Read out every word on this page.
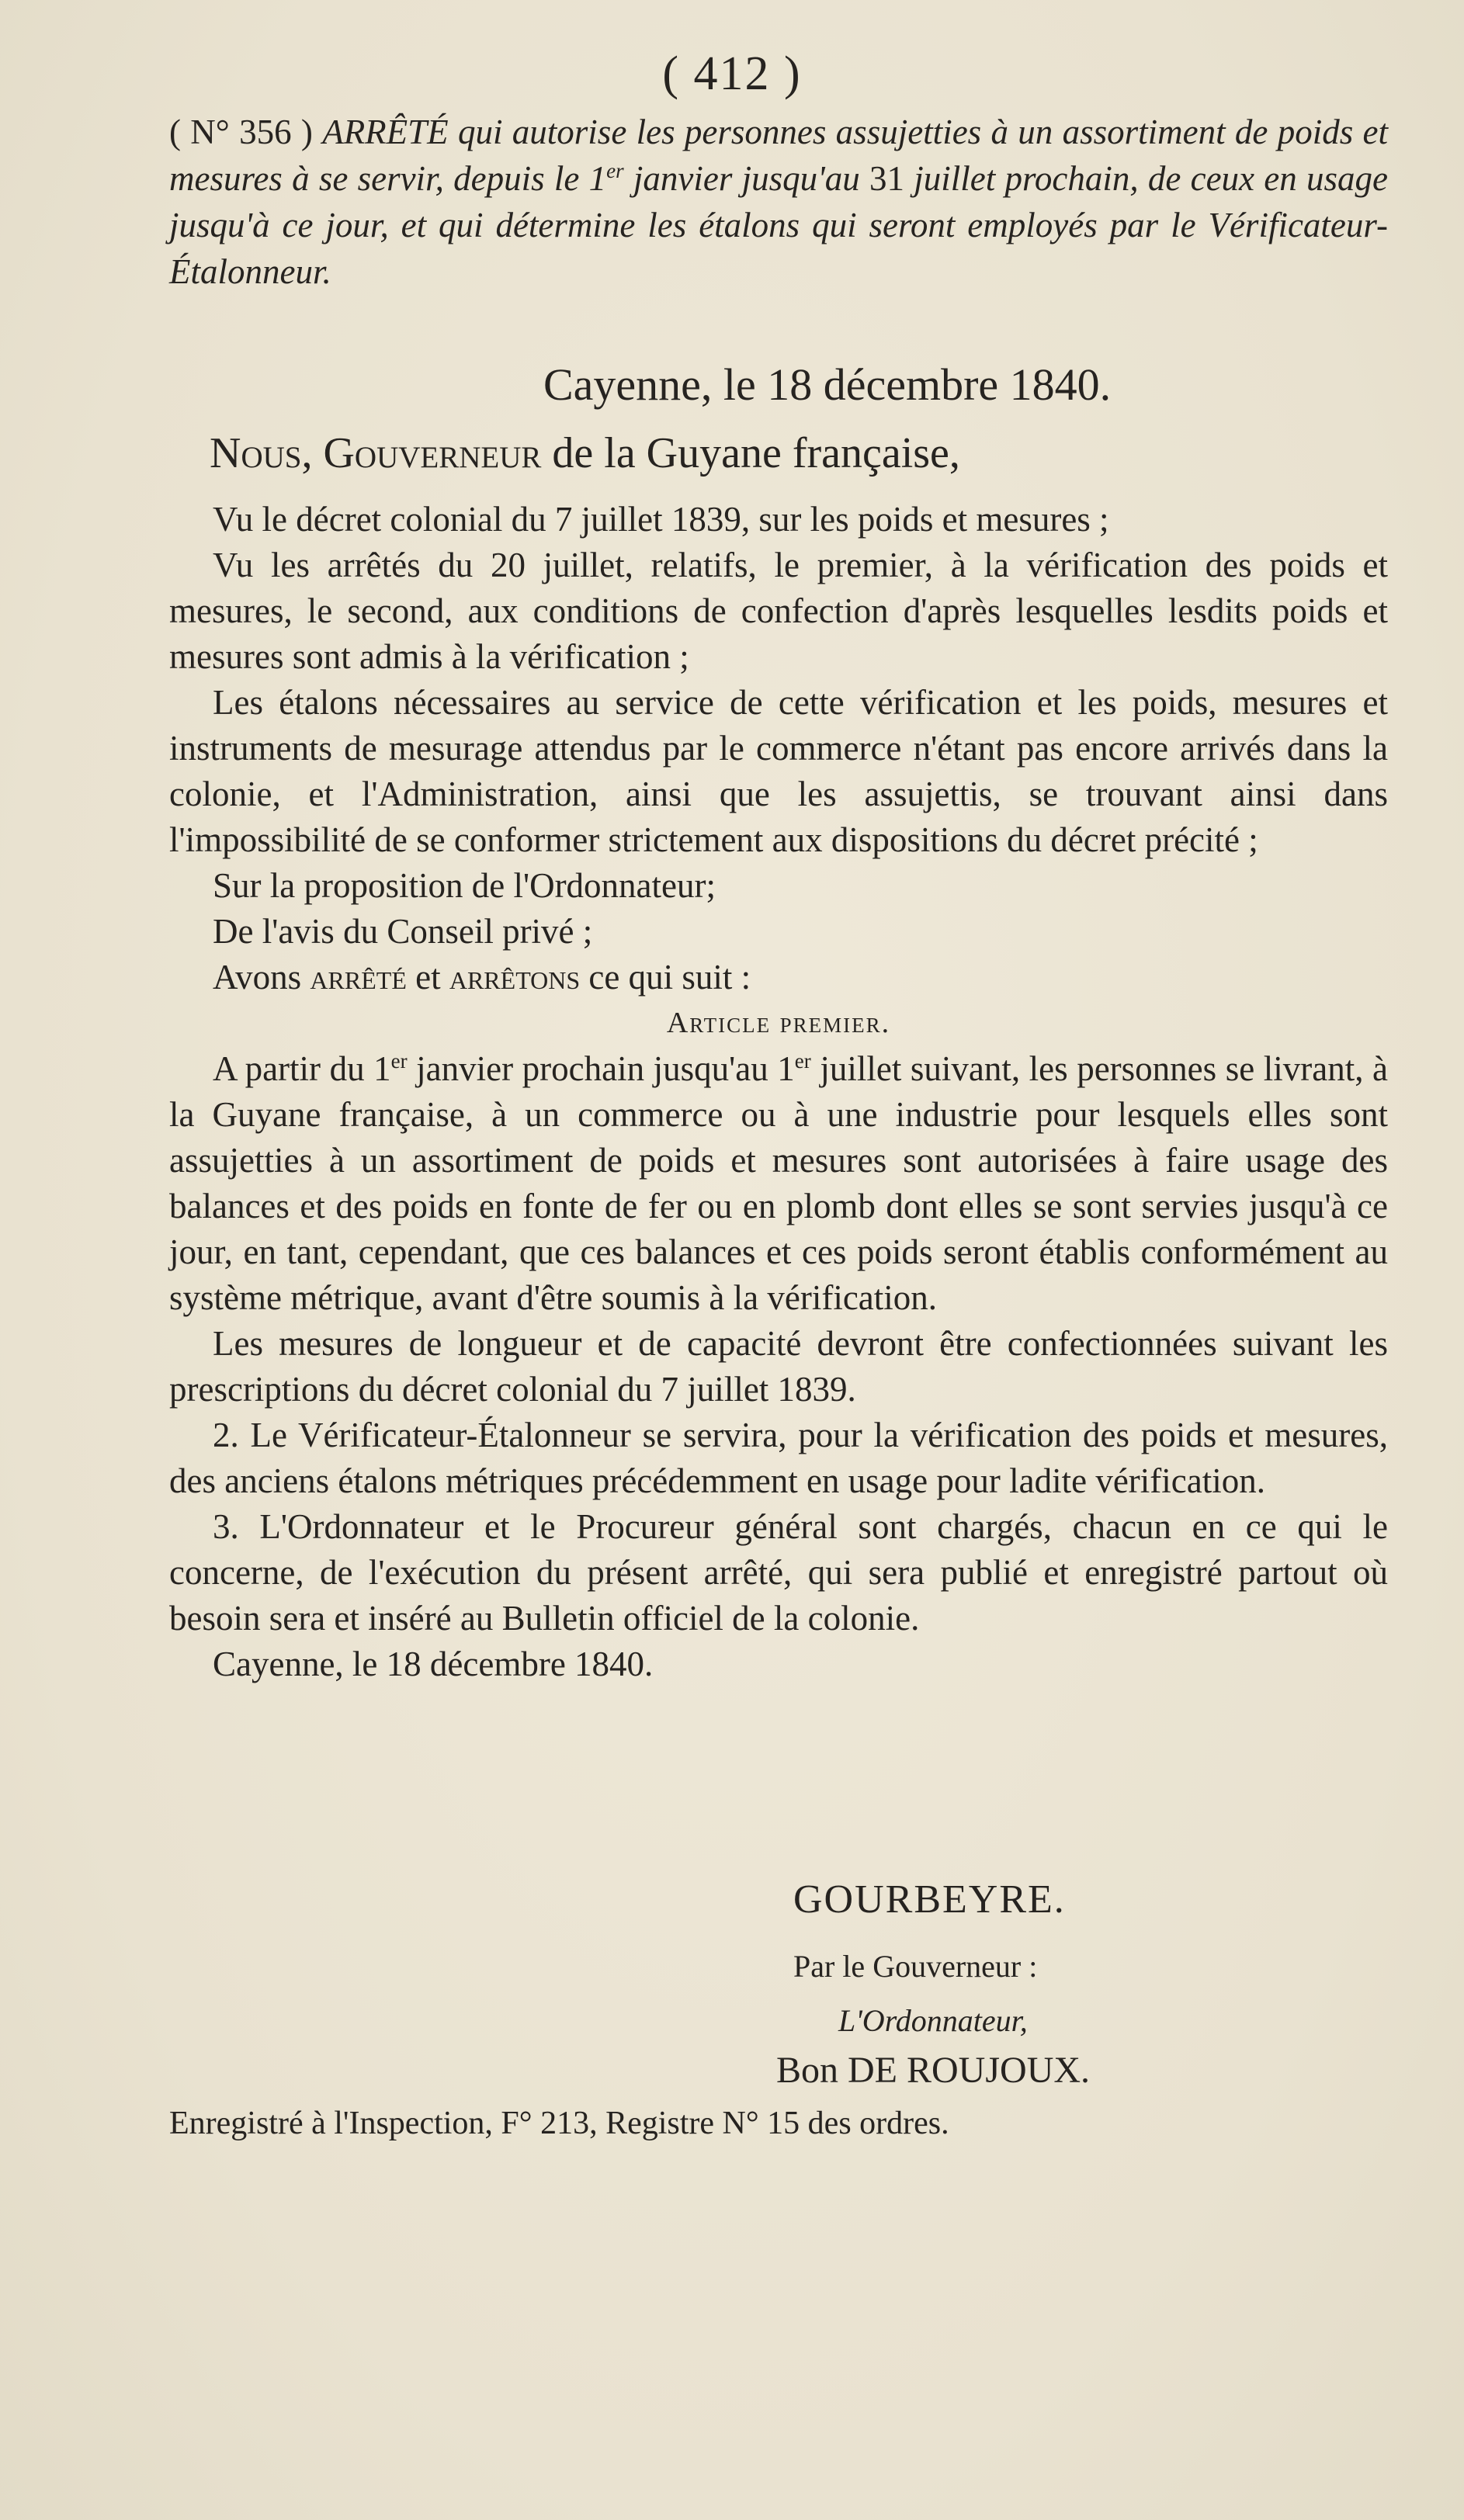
( 412 )
( N° 356 ) ARRÊTÉ qui autorise les personnes assujetties à un assortiment de poids et mesures à se servir, depuis le 1er janvier jusqu'au 31 juillet prochain, de ceux en usage jusqu'à ce jour, et qui détermine les étalons qui seront employés par le Vérificateur-Étalonneur.
Cayenne, le 18 décembre 1840.
Nous, Gouverneur de la Guyane française,

Vu le décret colonial du 7 juillet 1839, sur les poids et mesures ;

Vu les arrêtés du 20 juillet, relatifs, le premier, à la vérification des poids et mesures, le second, aux conditions de confection d'après lesquelles lesdits poids et mesures sont admis à la vérification ;

Les étalons nécessaires au service de cette vérification et les poids, mesures et instruments de mesurage attendus par le commerce n'étant pas encore arrivés dans la colonie, et l'Administration, ainsi que les assujettis, se trouvant ainsi dans l'impossibilité de se conformer strictement aux dispositions du décret précité ;

Sur la proposition de l'Ordonnateur;

De l'avis du Conseil privé ;

Avons arrêté et arrêtons ce qui suit :

Article premier.

A partir du 1er janvier prochain jusqu'au 1er juillet suivant, les personnes se livrant, à la Guyane française, à un commerce ou à une industrie pour lesquels elles sont assujetties à un assortiment de poids et mesures sont autorisées à faire usage des balances et des poids en fonte de fer ou en plomb dont elles se sont servies jusqu'à ce jour, en tant, cependant, que ces balances et ces poids seront établis conformément au système métrique, avant d'être soumis à la vérification.

Les mesures de longueur et de capacité devront être confectionnées suivant les prescriptions du décret colonial du 7 juillet 1839.

2. Le Vérificateur-Étalonneur se servira, pour la vérification des poids et mesures, des anciens étalons métriques précédemment en usage pour ladite vérification.

3. L'Ordonnateur et le Procureur général sont chargés, chacun en ce qui le concerne, de l'exécution du présent arrêté, qui sera publié et enregistré partout où besoin sera et inséré au Bulletin officiel de la colonie.

Cayenne, le 18 décembre 1840.

GOURBEYRE.
Par le Gouverneur :
L'Ordonnateur,
Bon DE ROUJOUX.
Enregistré à l'Inspection, F° 213, Registre N° 15 des ordres.
